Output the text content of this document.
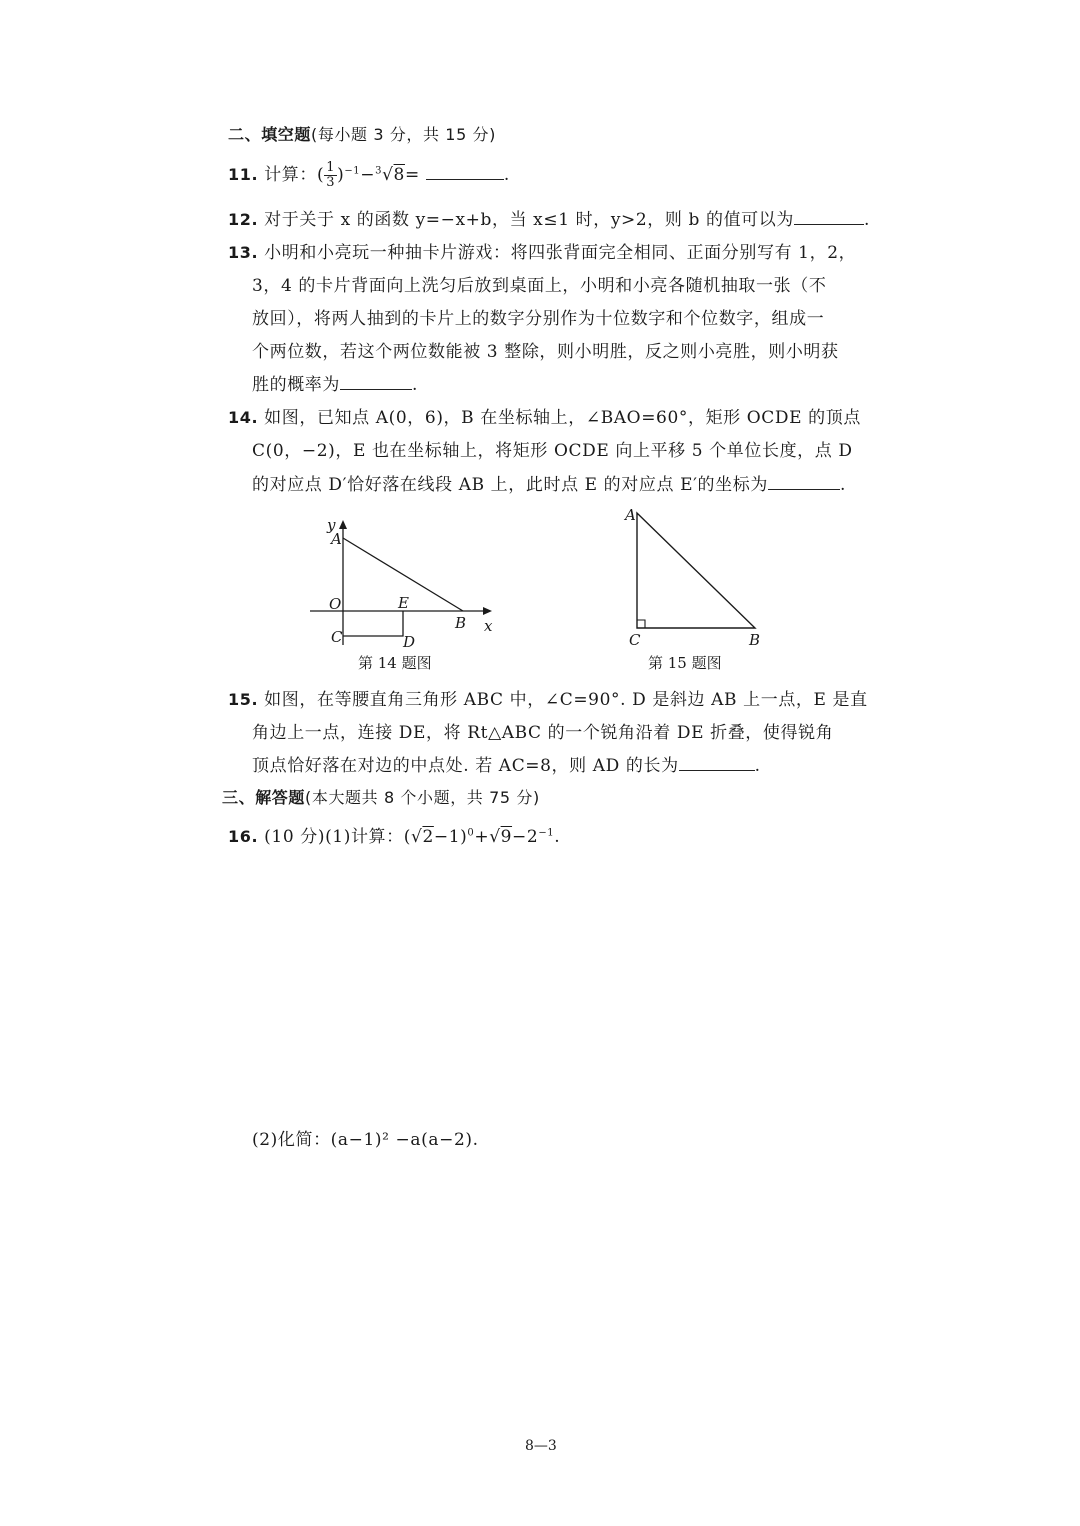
二、填空题(每小题 3 分，共 15 分)
11. 计算：( $\frac{1}{3} )^{-1}-^3√8=$	.
12. 对于关于 x 的函数 y=−x+b，当 x≤1 时，y>2，则 b 的值可以为	.
13. 小明和小亮玩一种抽卡片游戏：将四张背面完全相同、正面分别写有 1，2，
3，4 的卡片背面向上洗匀后放到桌面上，小明和小亮各随机抽取一张（不
放回），将两人抽到的卡片上的数字分别作为十位数字和个位数字，组成一
个两位数，若这个两位数能被 3 整除，则小明胜，反之则小亮胜，则小明获
胜的概率为	.
14. 如图，已知点 A(0，6)，B 在坐标轴上，∠BAO=60°，矩形 OCDE 的顶点
C(0，−2)，E 也在坐标轴上，将矩形 OCDE 向上平移 5 个单位长度，点 D
的对应点 D′恰好落在线段 AB 上，此时点 E 的对应点 E′的坐标为	.
y
A
O	E
B x
C	D
第 14 题图
A
C	B
第 15 题图
15. 如图，在等腰直角三角形 ABC 中，∠C=90°. D 是斜边 AB 上一点，E 是直
角边上一点，连接 DE，将 Rt△ABC 的一个锐角沿着 DE 折叠，使得锐角
顶点恰好落在对边的中点处. 若 AC=8，则 AD 的长为	.
三、解答题(本大题共 8 个小题，共 75 分)
16. (10 分)(1)计算：$(√2-1)^0+√9-2^{-1}$.
(2)化简：(a−1)² −a(a−2).
8—3
